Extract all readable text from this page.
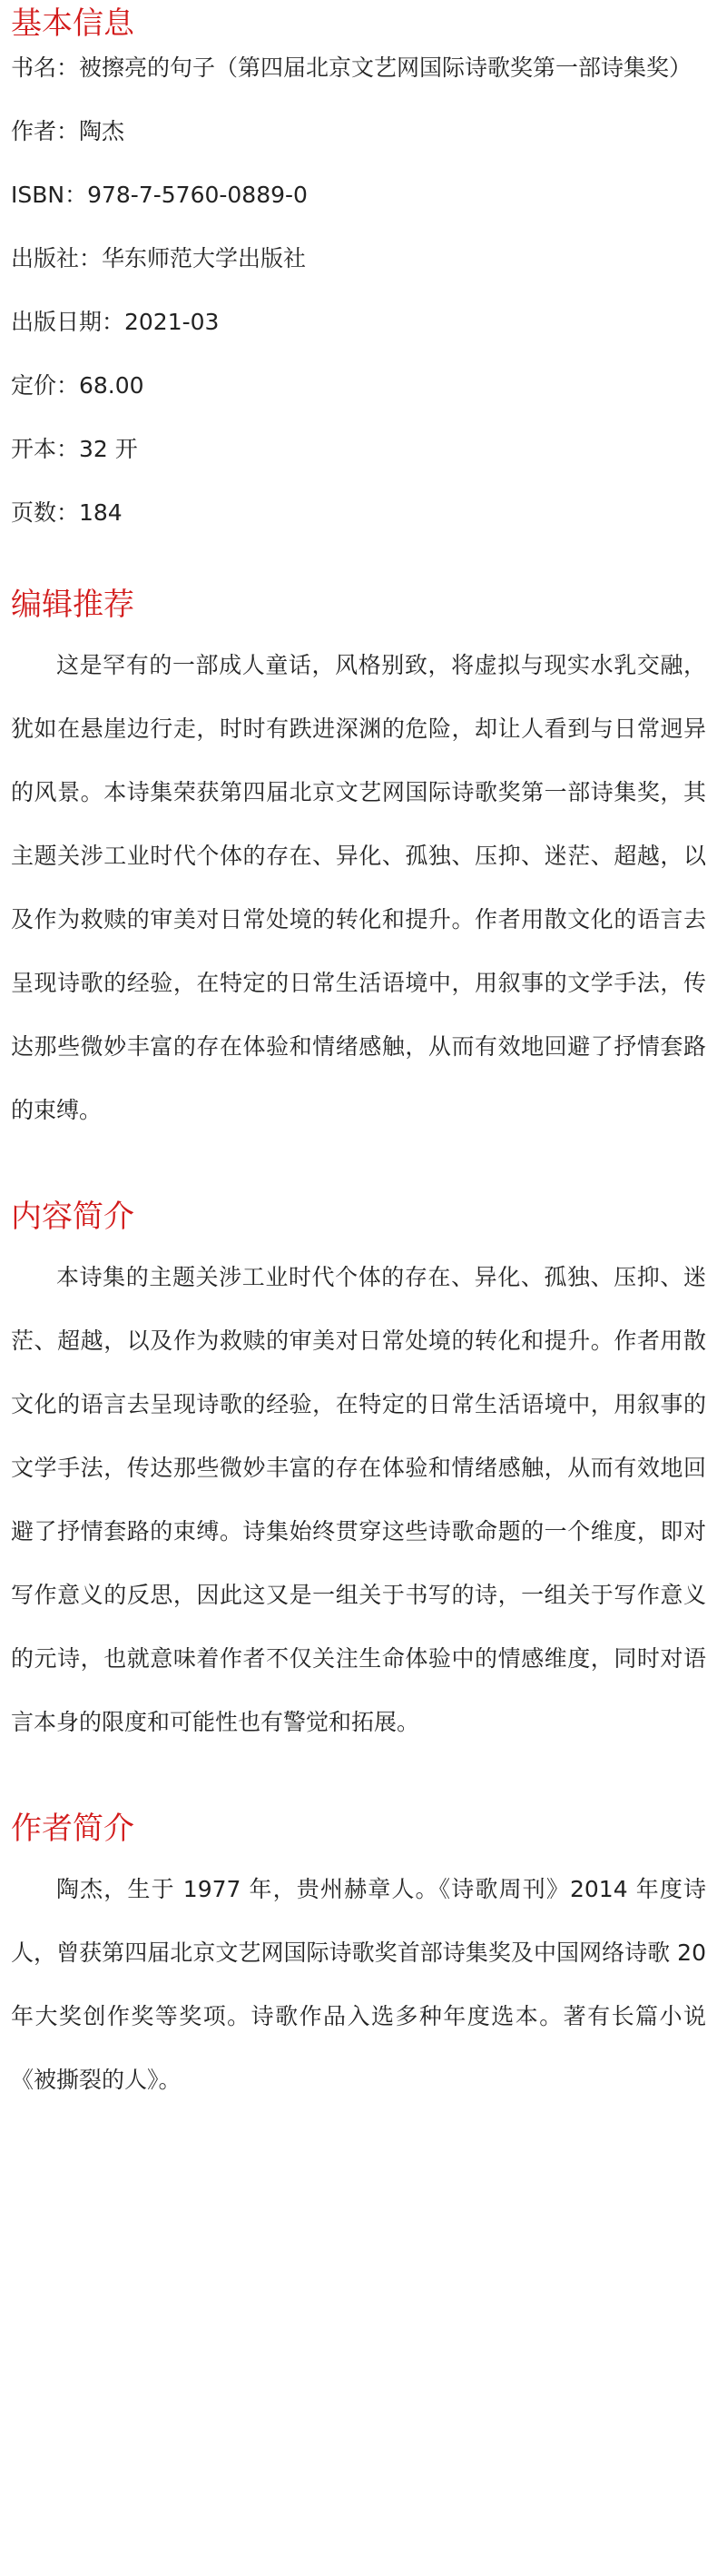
基本信息
书名：被擦亮的句子（第四届北京文艺网国际诗歌奖第一部诗集奖）
作者：陶杰
ISBN：978-7-5760-0889-0
出版社：华东师范大学出版社
出版日期：2021-03
定价：68.00
开本：32 开
页数：184
编辑推荐

这是罕有的一部成人童话，风格别致，将虚拟与现实水乳交融，犹如在悬崖边行走，时时有跌进深渊的危险，却让人看到与日常迥异的风景。本诗集荣获第四届北京文艺网国际诗歌奖第一部诗集奖，其主题关涉工业时代个体的存在、异化、孤独、压抑、迷茫、超越，以及作为救赎的审美对日常处境的转化和提升。作者用散文化的语言去呈现诗歌的经验，在特定的日常生活语境中，用叙事的文学手法，传达那些微妙丰富的存在体验和情绪感触，从而有效地回避了抒情套路的束缚。

内容简介

本诗集的主题关涉工业时代个体的存在、异化、孤独、压抑、迷茫、超越，以及作为救赎的审美对日常处境的转化和提升。作者用散文化的语言去呈现诗歌的经验，在特定的日常生活语境中，用叙事的文学手法，传达那些微妙丰富的存在体验和情绪感触，从而有效地回避了抒情套路的束缚。诗集始终贯穿这些诗歌命题的一个维度，即对写作意义的反思，因此这又是一组关于书写的诗，一组关于写作意义的元诗，也就意味着作者不仅关注生命体验中的情感维度，同时对语言本身的限度和可能性也有警觉和拓展。

作者简介

陶杰，生于 1977 年，贵州赫章人。《诗歌周刊》2014 年度诗人，曾获第四届北京文艺网国际诗歌奖首部诗集奖及中国网络诗歌 20 年大奖创作奖等奖项。诗歌作品入选多种年度选本。著有长篇小说《被撕裂的人》。
